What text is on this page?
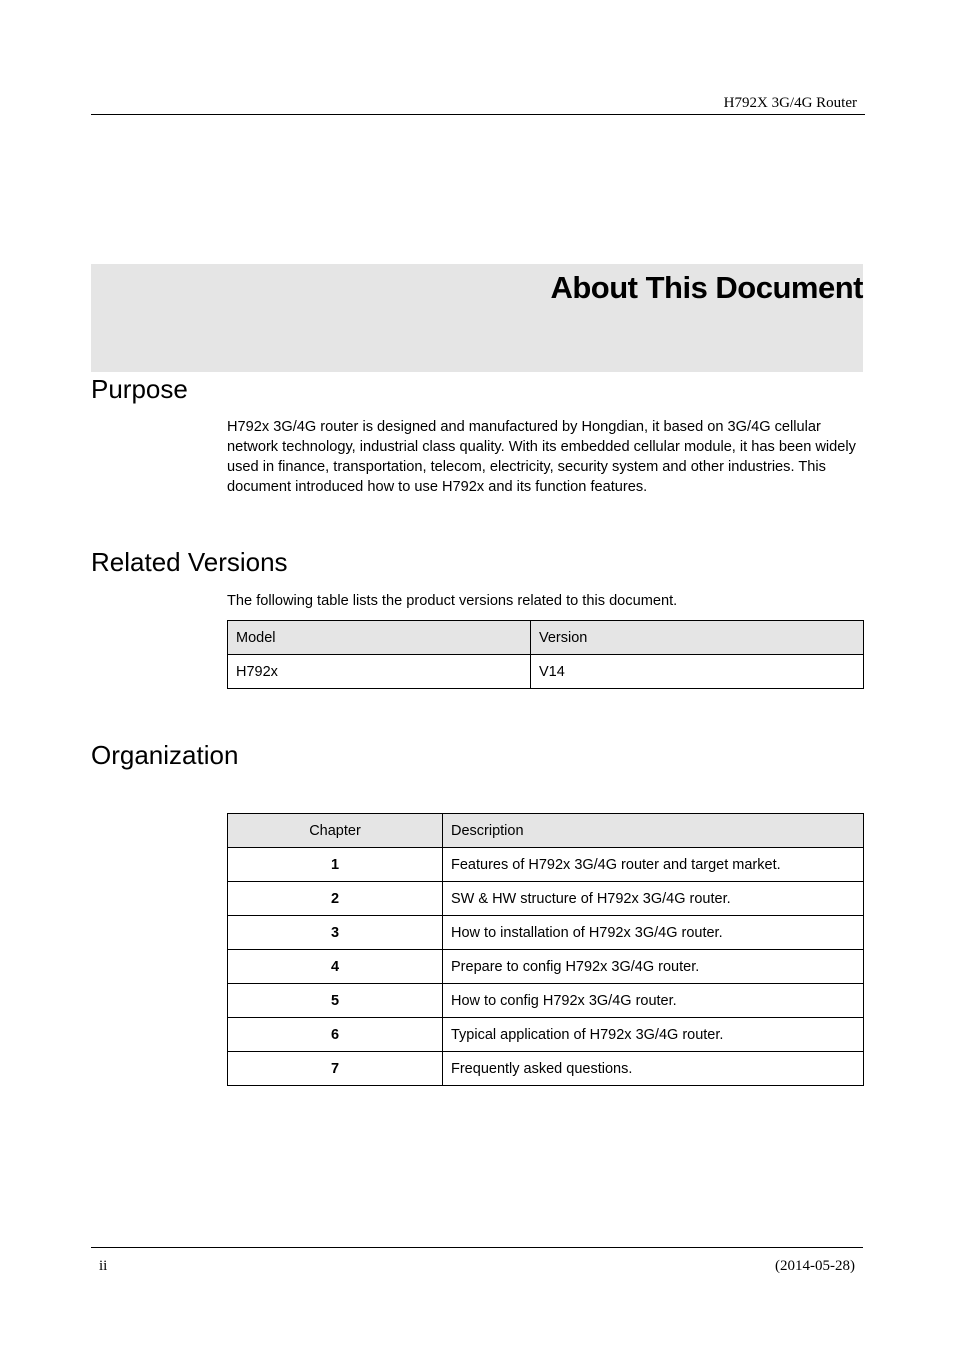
H792X 3G/4G Router
About This Document
Purpose

H792x 3G/4G router is designed and manufactured by Hongdian, it based on 3G/4G cellular network technology, industrial class quality. With its embedded cellular module, it has been widely used in finance, transportation, telecom, electricity, security system and other industries. This document introduced how to use H792x and its function features.

Related Versions

The following table lists the product versions related to this document.

Model	Version
H792x	V14
Organization
Chapter	Description
1	Features of H792x 3G/4G router and target market.
2	SW & HW structure of H792x 3G/4G router.
3	How to installation of H792x 3G/4G router.
4	Prepare to config H792x 3G/4G router.
5	How to config H792x 3G/4G router.
6	Typical application of H792x 3G/4G router.
7	Frequently asked questions.
ii	(2014-05-28)
